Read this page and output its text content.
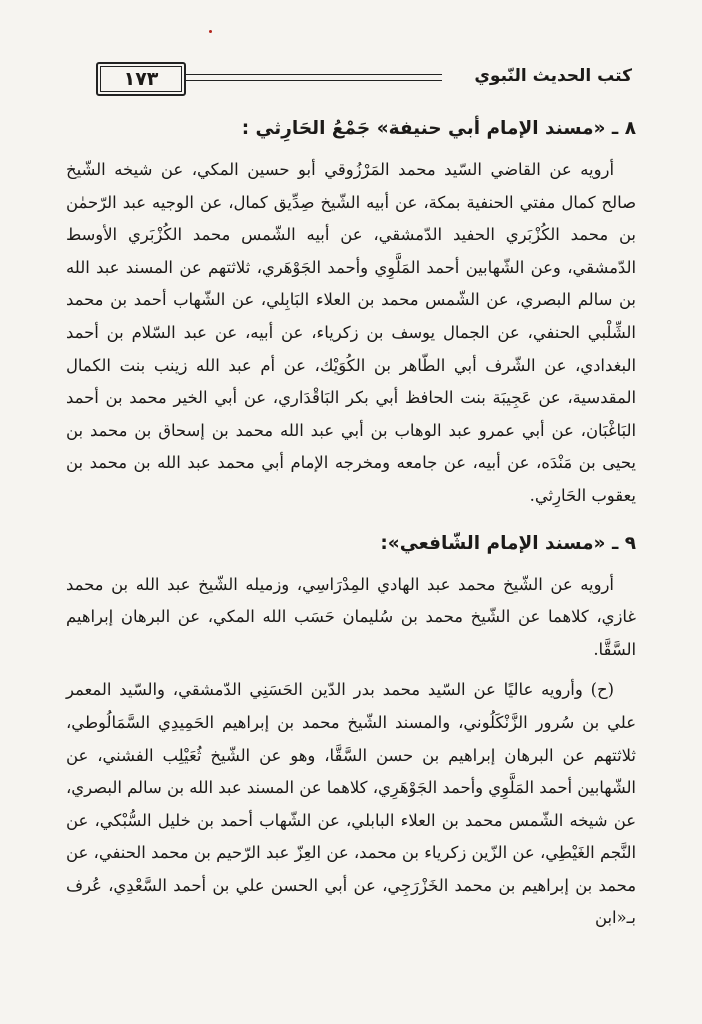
كتب الحديث النّبوي
١٧٣
٨ ـ «مسند الإمام أبي حنيفة» جَمْعُ الحَارِثي :

أرويه عن القاضي السّيد محمد المَرْزُوقي أبو حسين المكي، عن شيخه الشّيخ صالح كمال مفتي الحنفية بمكة، عن أبيه الشّيخ صِدِّيق كمال، عن الوجيه عبد الرّحمٰن بن محمد الكُزْبَري الحفيد الدّمشقي، عن أبيه الشّمس محمد الكُزْبَري الأوسط الدّمشقي، وعن الشّهابين أحمد المَلَّوِي وأحمد الجَوْهَري، ثلاثتهم عن المسند عبد الله بن سالم البصري، عن الشّمس محمد بن العلاء البَابِلي، عن الشّهاب أحمد بن محمد الشِّلْبي الحنفي، عن الجمال يوسف بن زكرياء، عن أبيه، عن عبد السّلام بن أحمد البغدادي، عن الشّرف أبي الطّاهر بن الكُوَيْك، عن أم عبد الله زينب بنت الكمال المقدسية، عن عَجِيبَة بنت الحافظ أبي بكر البَاقْدَاري، عن أبي الخير محمد بن أحمد البَاغْبَان، عن أبي عمرو عبد الوهاب بن أبي عبد الله محمد بن إسحاق بن محمد بن يحيى بن مَنْدَه، عن أبيه، عن جامعه ومخرجه الإمام أبي محمد عبد الله بن محمد بن يعقوب الحَارِثي.

٩ ـ «مسند الإمام الشّافعي»:

أرويه عن الشّيخ محمد عبد الهادي المِدْرَاسِي، وزميله الشّيخ عبد الله بن محمد غازي، كلاهما عن الشّيخ محمد بن سُليمان حَسَب الله المكي، عن البرهان إبراهيم السَّقَّا.

(ح) وأرويه عاليًا عن السّيد محمد بدر الدّين الحَسَنِي الدّمشقي، والسّيد المعمر علي بن سُرور الزَّنْكَلُوني، والمسند الشّيخ محمد بن إبراهيم الحَمِيدِي السَّمَالُوطي، ثلاثتهم عن البرهان إبراهيم بن حسن السَّقَّا، وهو عن الشّيخ ثُعَيْلِب الفشني، عن الشّهابين أحمد المَلَّوِي وأحمد الجَوْهَرِي، كلاهما عن المسند عبد الله بن سالم البصري، عن شيخه الشّمس محمد بن العلاء البابلي، عن الشّهاب أحمد بن خليل السُّبْكي، عن النَّجم الغَيْطِي، عن الزّين زكرياء بن محمد، عن العِزّ عبد الرّحيم بن محمد الحنفي، عن محمد بن إبراهيم بن محمد الخَزْرَجِي، عن أبي الحسن علي بن أحمد السَّعْدِي، عُرف بـ«ابن
